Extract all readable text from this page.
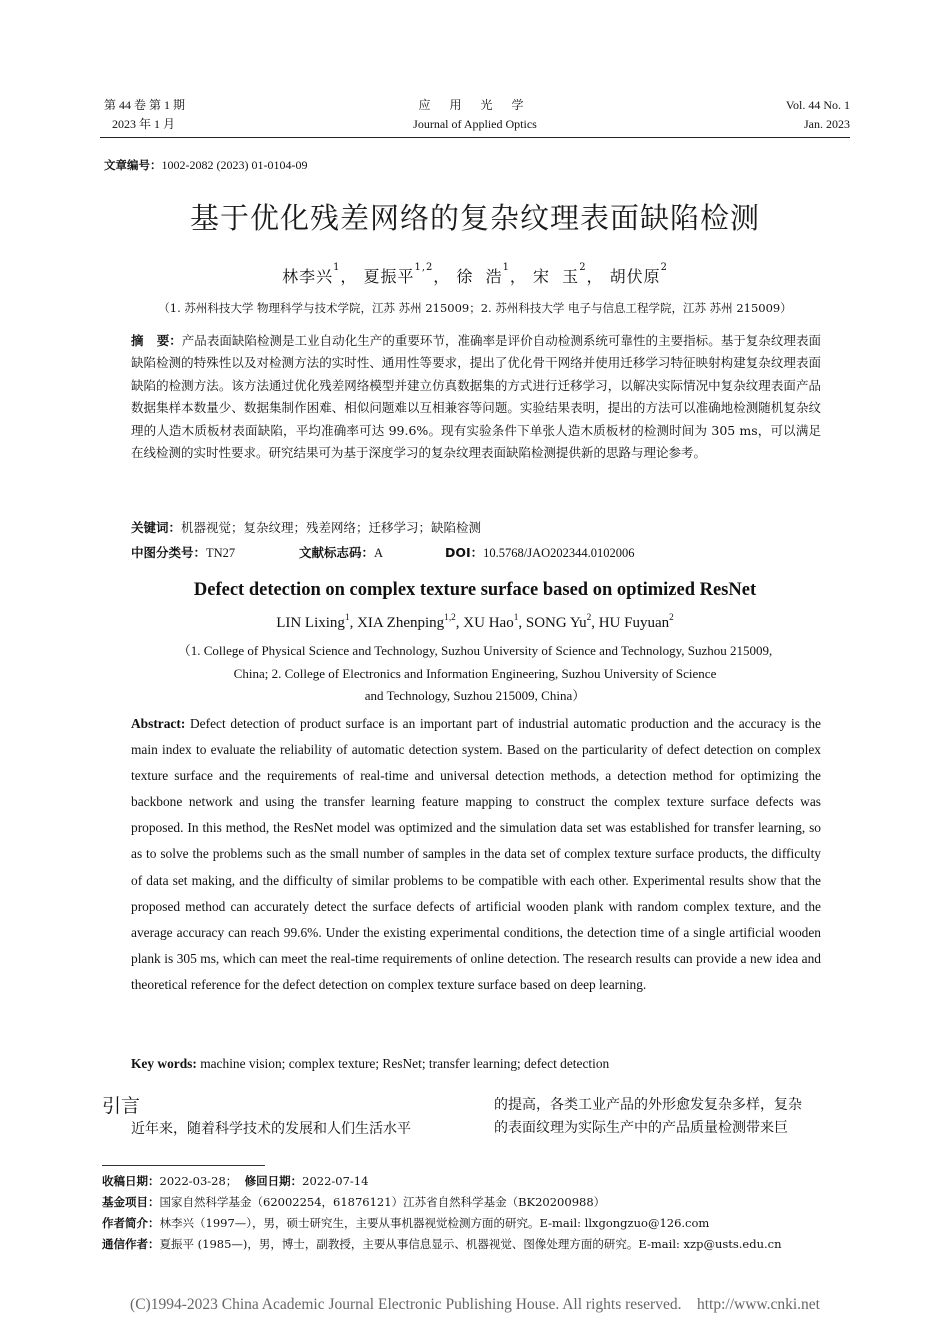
第 44 卷 第 1 期
2023 年 1 月
应 用 光 学
Journal of Applied Optics
Vol. 44 No. 1
Jan. 2023
文章编号：1002-2082 (2023) 01-0104-09
基于优化残差网络的复杂纹理表面缺陷检测
林李兴$^1$， 夏振平$^{1,2}$， 徐  浩$^1$， 宋  玉$^2$， 胡伏原$^2$
（1. 苏州科技大学 物理科学与技术学院，江苏 苏州 215009；2. 苏州科技大学 电子与信息工程学院，江苏 苏州 215009）
摘   要：产品表面缺陷检测是工业自动化生产的重要环节，准确率是评价自动检测系统可靠性的主要指标。基于复杂纹理表面缺陷检测的特殊性以及对检测方法的实时性、通用性等要求，提出了优化骨干网络并使用迁移学习特征映射构建复杂纹理表面缺陷的检测方法。该方法通过优化残差网络模型并建立仿真数据集的方式进行迁移学习，以解决实际情况中复杂纹理表面产品数据集样本数量少、数据集制作困难、相似问题难以互相兼容等问题。实验结果表明，提出的方法可以准确地检测随机复杂纹理的人造木质板材表面缺陷，平均准确率可达 99.6%。现有实验条件下单张人造木质板材的检测时间为 305 ms，可以满足在线检测的实时性要求。研究结果可为基于深度学习的复杂纹理表面缺陷检测提供新的思路与理论参考。
关键词：机器视觉；复杂纹理；残差网络；迁移学习；缺陷检测
中图分类号：TN27	文献标志码：A	DOI：10.5768/JAO202344.0102006
Defect detection on complex texture surface based on optimized ResNet
LIN Lixing$^1$, XIA Zhenping$^{1,2}$, XU Hao$^1$, SONG Yu$^2$, HU Fuyuan$^2$
（1. College of Physical Science and Technology, Suzhou University of Science and Technology, Suzhou 215009,
China; 2. College of Electronics and Information Engineering, Suzhou University of Science
and Technology, Suzhou 215009, China）
Abstract: Defect detection of product surface is an important part of industrial automatic production and the accuracy is the main index to evaluate the reliability of automatic detection system. Based on the particularity of defect detection on complex texture surface and the requirements of real-time and universal detection methods, a detection method for optimizing the backbone network and using the transfer learning feature mapping to construct the complex texture surface defects was proposed. In this method, the ResNet model was optimized and the simulation data set was established for transfer learning, so as to solve the problems such as the small number of samples in the data set of complex texture surface products, the difficulty of data set making, and the difficulty of similar problems to be compatible with each other. Experimental results show that the proposed method can accurately detect the surface defects of artificial wooden plank with random complex texture, and the average accuracy can reach 99.6%. Under the existing experimental conditions, the detection time of a single artificial wooden plank is 305 ms, which can meet the real-time requirements of online detection. The research results can provide a new idea and theoretical reference for the defect detection on complex texture surface based on deep learning.
Key words: machine vision; complex texture; ResNet; transfer learning; defect detection
引言
近年来，随着科学技术的发展和人们生活水平
的提高，各类工业产品的外形愈发复杂多样，复杂
的表面纹理为实际生产中的产品质量检测带来巨
收稿日期：2022-03-28； 修回日期：2022-07-14
基金项目：国家自然科学基金（62002254，61876121）江苏省自然科学基金（BK20200988）
作者简介：林李兴（1997—），男，硕士研究生，主要从事机器视觉检测方面的研究。E-mail: llxgongzuo@126.com
通信作者：夏振平 (1985—)，男，博士，副教授，主要从事信息显示、机器视觉、图像处理方面的研究。E-mail: xzp@usts.edu.cn
(C)1994-2023 China Academic Journal Electronic Publishing House. All rights reserved.    http://www.cnki.net
